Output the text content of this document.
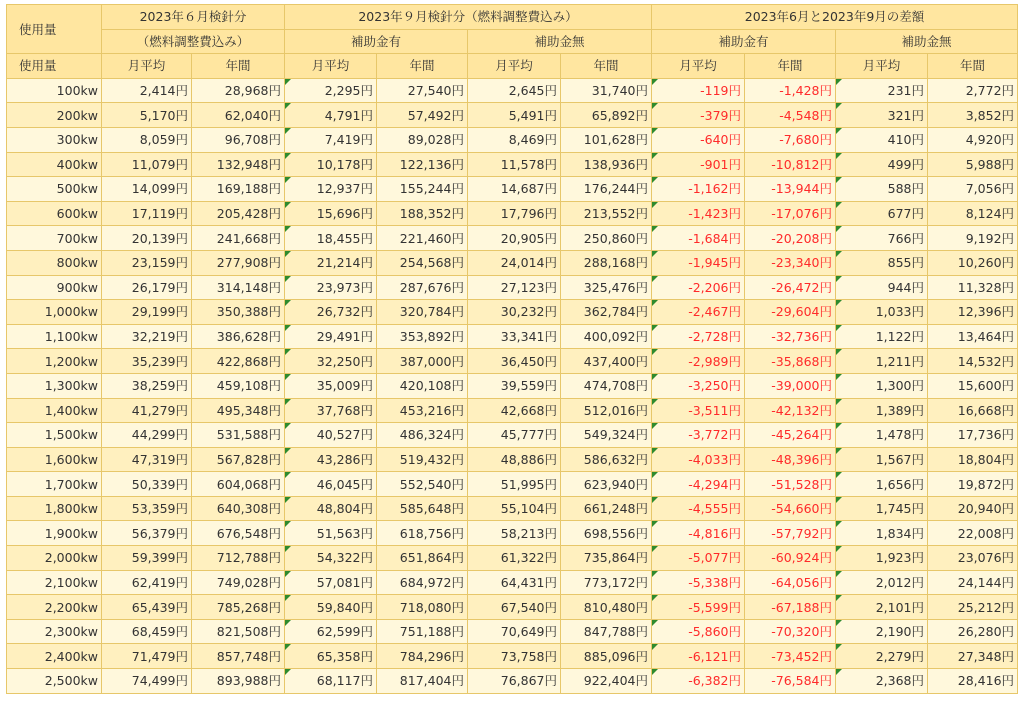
使用量	2023年６月検針分		2023年９月検針分（燃料調整費込み）				2023年6月と2023年9月の差額			
	（燃料調整費込み）		補助金有		補助金無		補助金有		補助金無	
使用量	月平均	年間	月平均	年間	月平均	年間	月平均	年間	月平均	年間
100kw	2,414円	28,968円	2,295円	27,540円	2,645円	31,740円	-119円	-1,428円	231円	2,772円
200kw	5,170円	62,040円	4,791円	57,492円	5,491円	65,892円	-379円	-4,548円	321円	3,852円
300kw	8,059円	96,708円	7,419円	89,028円	8,469円	101,628円	-640円	-7,680円	410円	4,920円
400kw	11,079円	132,948円	10,178円	122,136円	11,578円	138,936円	-901円	-10,812円	499円	5,988円
500kw	14,099円	169,188円	12,937円	155,244円	14,687円	176,244円	-1,162円	-13,944円	588円	7,056円
600kw	17,119円	205,428円	15,696円	188,352円	17,796円	213,552円	-1,423円	-17,076円	677円	8,124円
700kw	20,139円	241,668円	18,455円	221,460円	20,905円	250,860円	-1,684円	-20,208円	766円	9,192円
800kw	23,159円	277,908円	21,214円	254,568円	24,014円	288,168円	-1,945円	-23,340円	855円	10,260円
900kw	26,179円	314,148円	23,973円	287,676円	27,123円	325,476円	-2,206円	-26,472円	944円	11,328円
1,000kw	29,199円	350,388円	26,732円	320,784円	30,232円	362,784円	-2,467円	-29,604円	1,033円	12,396円
1,100kw	32,219円	386,628円	29,491円	353,892円	33,341円	400,092円	-2,728円	-32,736円	1,122円	13,464円
1,200kw	35,239円	422,868円	32,250円	387,000円	36,450円	437,400円	-2,989円	-35,868円	1,211円	14,532円
1,300kw	38,259円	459,108円	35,009円	420,108円	39,559円	474,708円	-3,250円	-39,000円	1,300円	15,600円
1,400kw	41,279円	495,348円	37,768円	453,216円	42,668円	512,016円	-3,511円	-42,132円	1,389円	16,668円
1,500kw	44,299円	531,588円	40,527円	486,324円	45,777円	549,324円	-3,772円	-45,264円	1,478円	17,736円
1,600kw	47,319円	567,828円	43,286円	519,432円	48,886円	586,632円	-4,033円	-48,396円	1,567円	18,804円
1,700kw	50,339円	604,068円	46,045円	552,540円	51,995円	623,940円	-4,294円	-51,528円	1,656円	19,872円
1,800kw	53,359円	640,308円	48,804円	585,648円	55,104円	661,248円	-4,555円	-54,660円	1,745円	20,940円
1,900kw	56,379円	676,548円	51,563円	618,756円	58,213円	698,556円	-4,816円	-57,792円	1,834円	22,008円
2,000kw	59,399円	712,788円	54,322円	651,864円	61,322円	735,864円	-5,077円	-60,924円	1,923円	23,076円
2,100kw	62,419円	749,028円	57,081円	684,972円	64,431円	773,172円	-5,338円	-64,056円	2,012円	24,144円
2,200kw	65,439円	785,268円	59,840円	718,080円	67,540円	810,480円	-5,599円	-67,188円	2,101円	25,212円
2,300kw	68,459円	821,508円	62,599円	751,188円	70,649円	847,788円	-5,860円	-70,320円	2,190円	26,280円
2,400kw	71,479円	857,748円	65,358円	784,296円	73,758円	885,096円	-6,121円	-73,452円	2,279円	27,348円
2,500kw	74,499円	893,988円	68,117円	817,404円	76,867円	922,404円	-6,382円	-76,584円	2,368円	28,416円
